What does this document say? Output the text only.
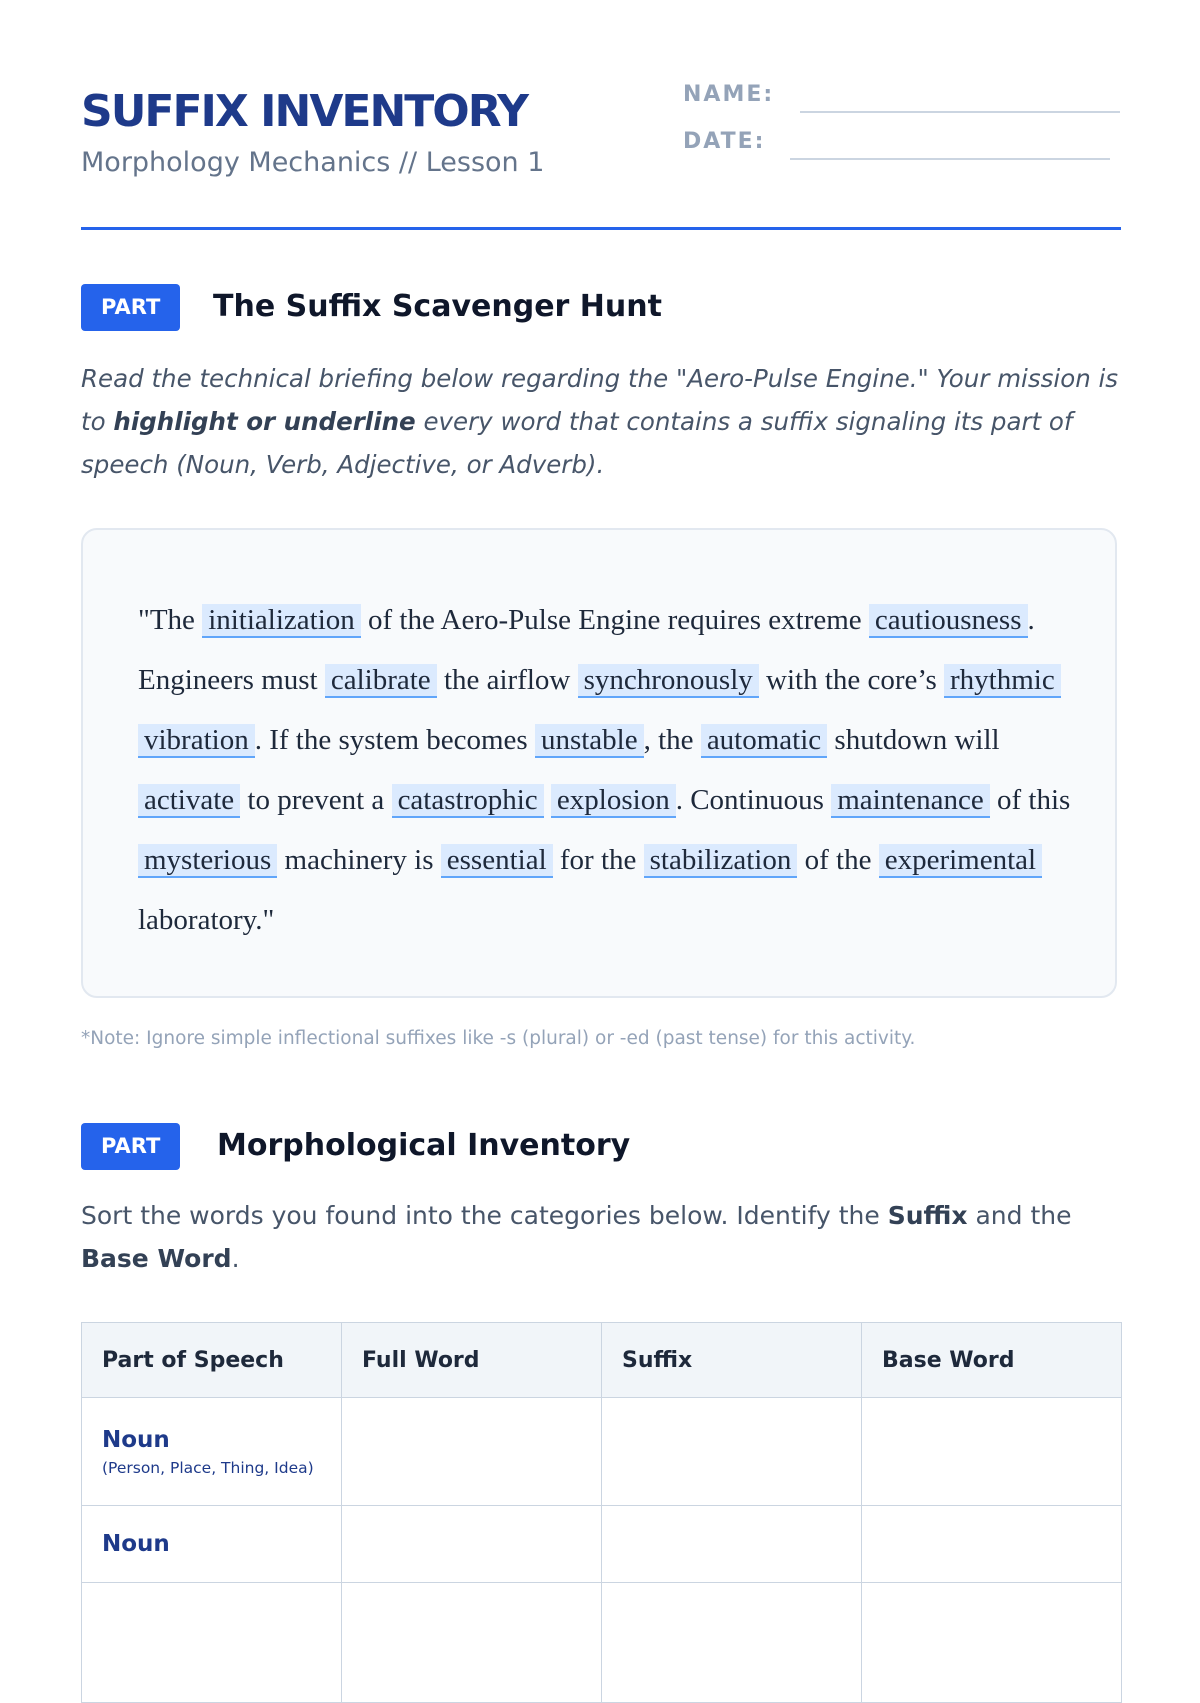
SUFFIX INVENTORY
Morphology Mechanics // Lesson 1
NAME:
DATE:
PART 1
The Suffix Scavenger Hunt

Read the technical briefing below regarding the "Aero-Pulse Engine." Your mission is to highlight or underline every word that contains a suffix signaling its part of speech (Noun, Verb, Adjective, or Adverb).

"The initialization of the Aero-Pulse Engine requires extreme cautiousness . Engineers must calibrate the airflow synchronously with the core’s rhythmic vibration . If the system becomes unstable , the automatic shutdown will activate to prevent a catastrophic explosion . Continuous maintenance of this mysterious machinery is essential for the stabilization of the experimental laboratory."
*Note: Ignore simple inflectional suffixes like -s (plural) or -ed (past tense) for this activity.
PART 2
Morphological Inventory

Sort the words you found into the categories below. Identify the Suffix and the Base Word.

Part of Speech	Full Word	Suffix	Base Word

Noun
(Person, Place, Thing, Idea)			

Noun			
